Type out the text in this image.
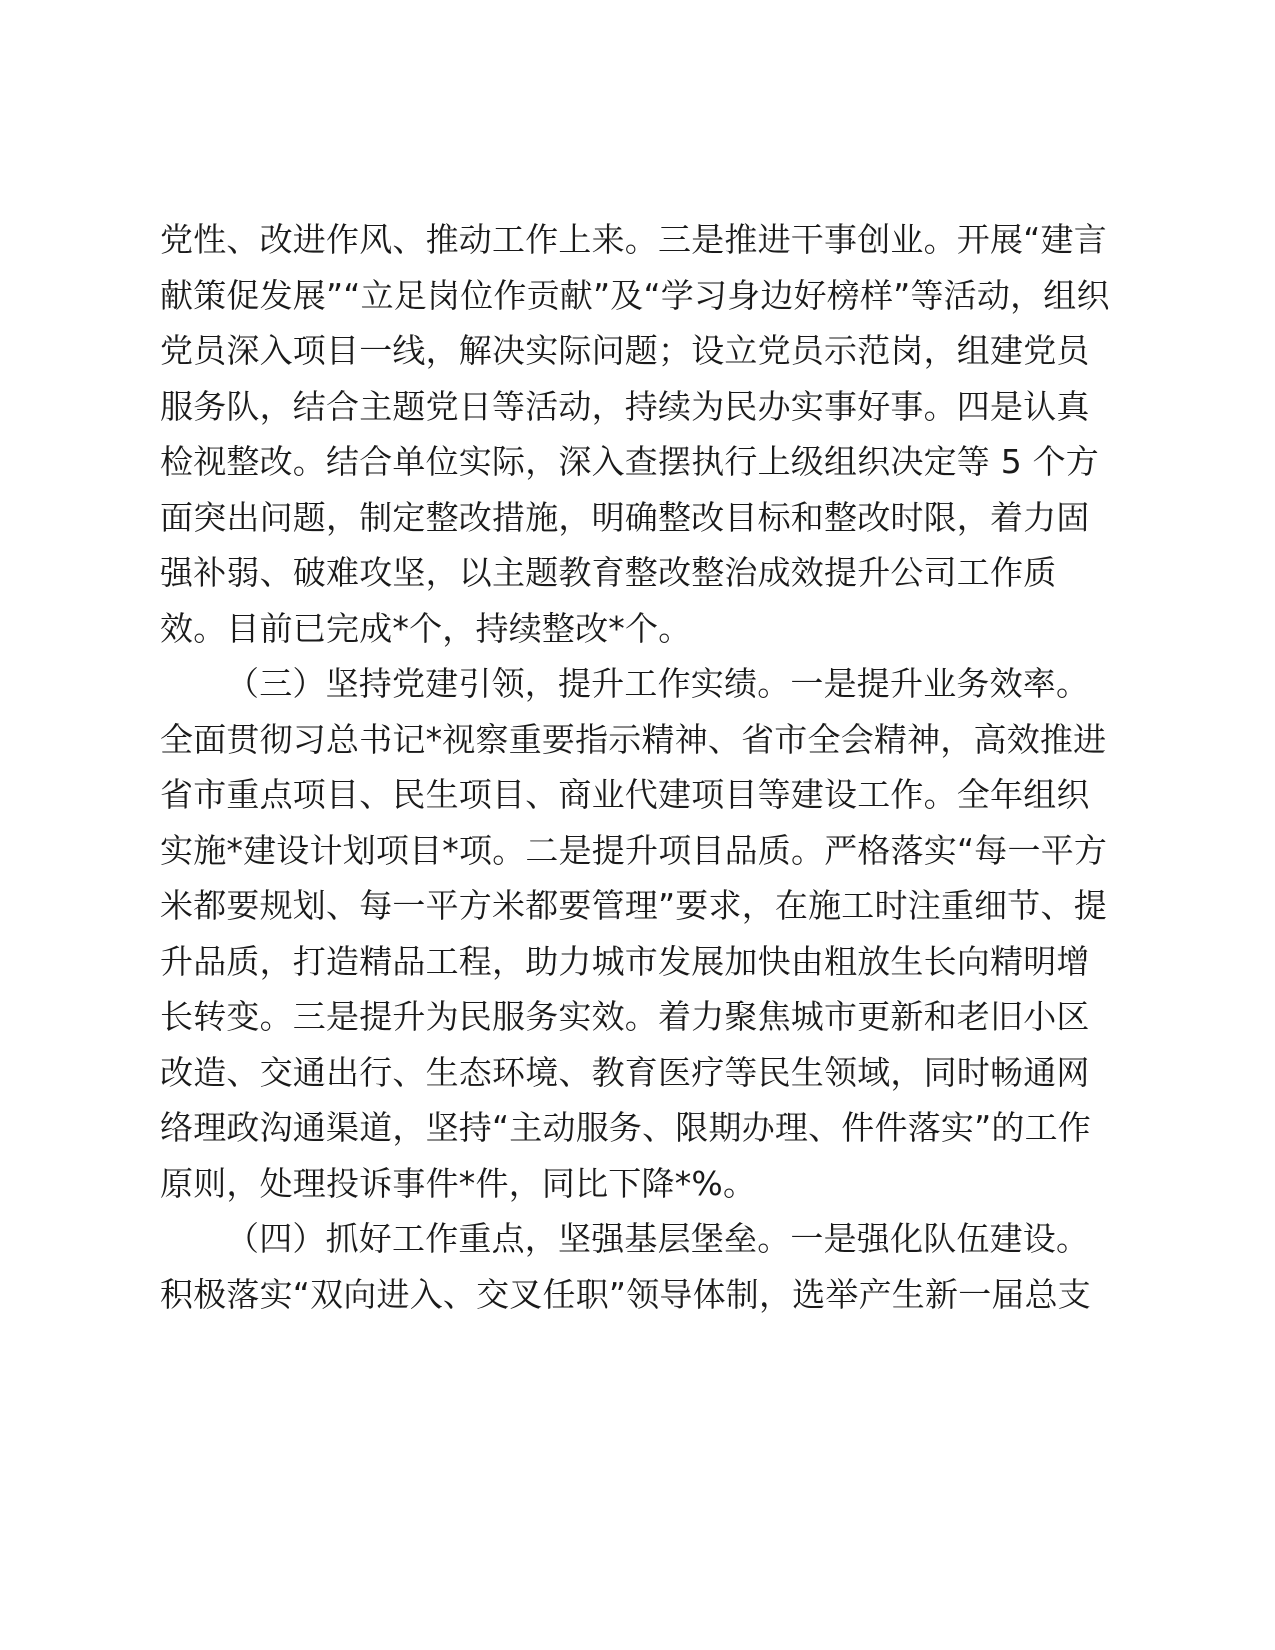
党性、改进作风、推动工作上来。三是推进干事创业。开展“建言
献策促发展”“立足岗位作贡献”及“学习身边好榜样”等活动，组织
党员深入项目一线，解决实际问题；设立党员示范岗，组建党员
服务队，结合主题党日等活动，持续为民办实事好事。四是认真
检视整改。结合单位实际，深入查摆执行上级组织决定等 5 个方
面突出问题，制定整改措施，明确整改目标和整改时限，着力固
强补弱、破难攻坚，以主题教育整改整治成效提升公司工作质
效。目前已完成*个，持续整改*个。
（三）坚持党建引领，提升工作实绩。一是提升业务效率。
全面贯彻习总书记*视察重要指示精神、省市全会精神，高效推进
省市重点项目、民生项目、商业代建项目等建设工作。全年组织
实施*建设计划项目*项。二是提升项目品质。严格落实“每一平方
米都要规划、每一平方米都要管理”要求，在施工时注重细节、提
升品质，打造精品工程，助力城市发展加快由粗放生长向精明增
长转变。三是提升为民服务实效。着力聚焦城市更新和老旧小区
改造、交通出行、生态环境、教育医疗等民生领域，同时畅通网
络理政沟通渠道，坚持“主动服务、限期办理、件件落实”的工作
原则，处理投诉事件*件，同比下降*%。
（四）抓好工作重点，坚强基层堡垒。一是强化队伍建设。
积极落实“双向进入、交叉任职”领导体制，选举产生新一届总支
